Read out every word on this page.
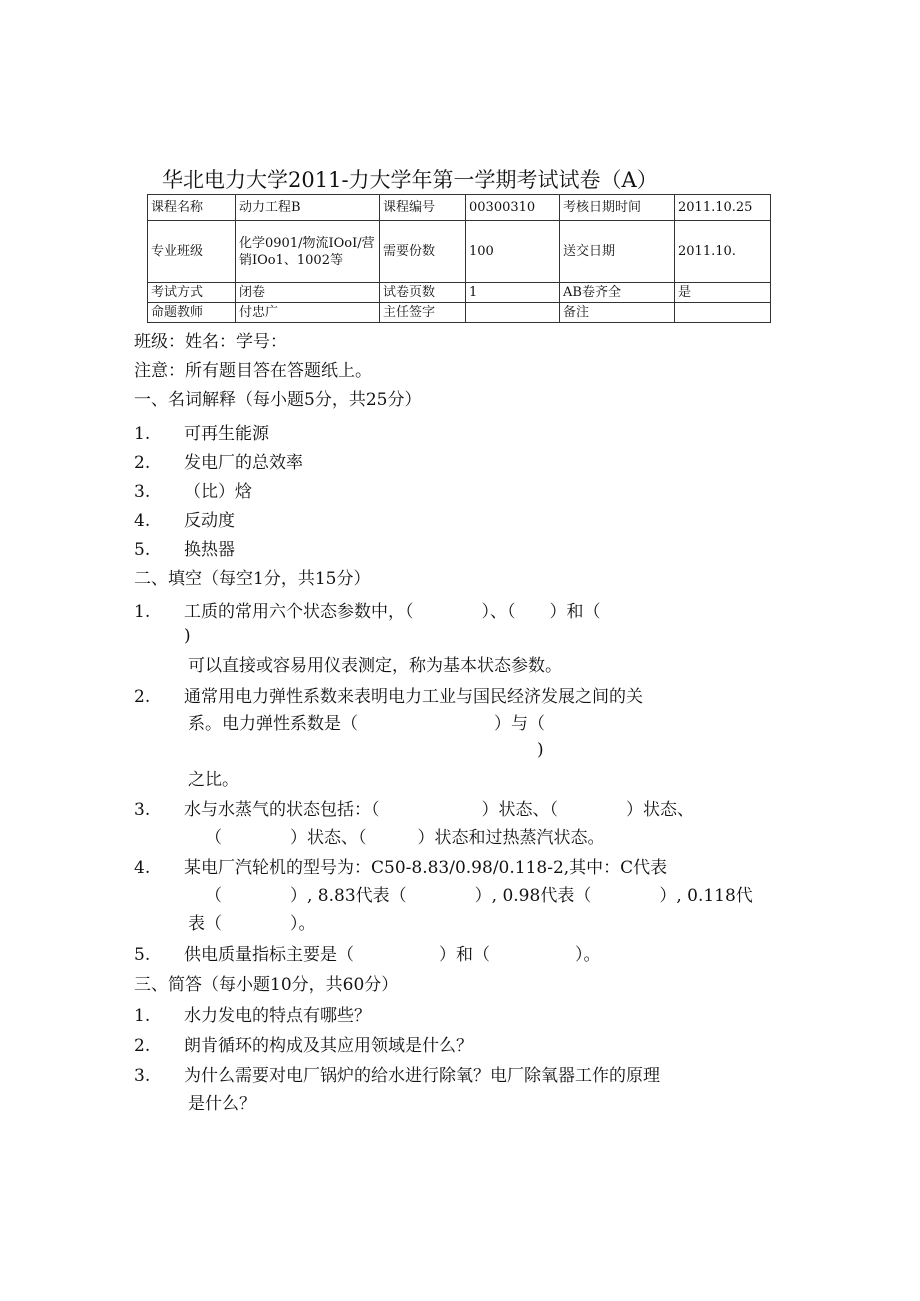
华北电力大学2011-力大学年第一学期考试试卷（A）
课程名称	动力工程B	课程编号	00300310	考核日期时间	2011.10.25
专业班级	化学0901/物流IOoI/营销IOo1、1002等	需要份数	100	送交日期	2011.10.
考试方式	闭卷	试卷页数	1	AB卷齐全	是
命题教师	付忠广	主任签字		备注	
班级：姓名：学号：
注意：所有题目答在答题纸上。
一、名词解释（每小题5分，共25分）
1. 可再生能源
2. 发电厂的总效率
3. （比）焓
4. 反动度
5. 换热器
二、填空（每空1分，共15分）
1. 工质的常用六个状态参数中，（　　　　）、（　　）和（
)
可以直接或容易用仪表测定，称为基本状态参数。
2. 通常用电力弹性系数来表明电力工业与国民经济发展之间的关
系。电力弹性系数是（　　　　　　　　）与（
)
之比。
3. 水与水蒸气的状态包括：（　　　　　　）状态、（　　　　）状态、
（　　　　）状态、（　　　）状态和过热蒸汽状态。
4. 某电厂汽轮机的型号为：C50-8.83/0.98/0.118-2,其中：C代表
（　　　　）, 8.83代表（　　　　）, 0.98代表（　　　　）, 0.118代
表（　　　　）。
5. 供电质量指标主要是（　　　　　）和（　　　　　）。
三、简答（每小题10分，共60分）
1. 水力发电的特点有哪些？
2. 朗肯循环的构成及其应用领域是什么？
3. 为什么需要对电厂锅炉的给水进行除氧？电厂除氧器工作的原理
是什么？
